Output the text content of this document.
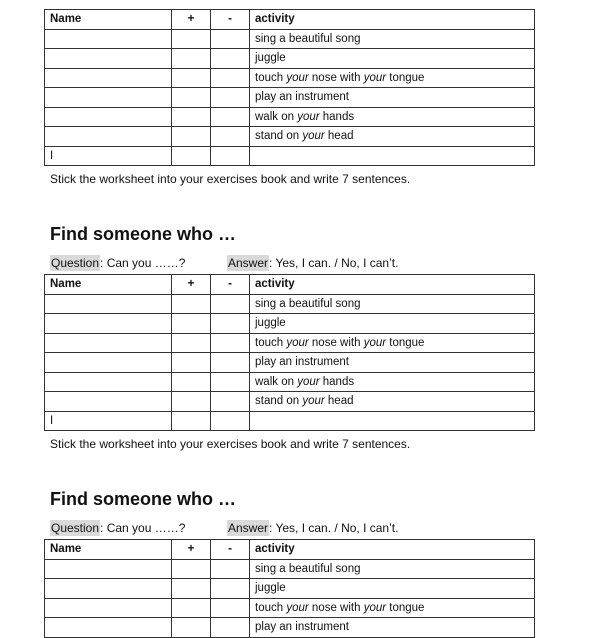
Name	+	-	activity
			sing a beautiful song
			juggle
			touch your nose with your tongue
			play an instrument
			walk on your hands
			stand on your head
I			
Stick the worksheet into your exercises book and write 7 sentences.
Find someone who …
Question: Can you ……?	Answer: Yes, I can. / No, I can’t.
Name	+	-	activity
			sing a beautiful song
			juggle
			touch your nose with your tongue
			play an instrument
			walk on your hands
			stand on your head
I			
Stick the worksheet into your exercises book and write 7 sentences.
Find someone who …
Question: Can you ……?	Answer: Yes, I can. / No, I can’t.
Name	+	-	activity
			sing a beautiful song
			juggle
			touch your nose with your tongue
			play an instrument
